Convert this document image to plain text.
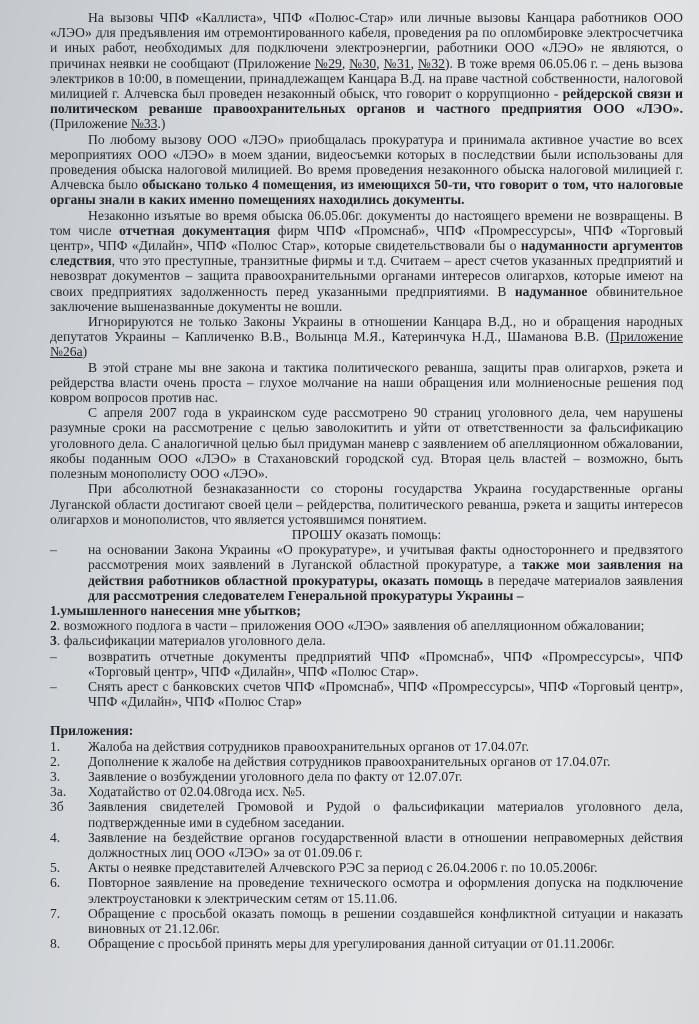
На вызовы ЧПФ «Каллиста», ЧПФ «Полюс-Стар» или личные вызовы Канцара работников ООО «ЛЭО» для предъявления им отремонтированного кабеля, проведения ра по опломбировке электросчетчика и иных работ, необходимых для подключени электроэнергии, работники ООО «ЛЭО» не являются, о причинах неявки не сообщают (Приложение №29, №30, №31, №32). В тоже время 06.05.06 г. – день вызова электриков в 10:00, в помещении, принадлежащем Канцара В.Д. на праве частной собственности, налоговой милицией г. Алчевска был проведен незаконный обыск, что говорит о коррупционно - рейдерской связи и политическом реванше правоохранительных органов и частного предприятия ООО «ЛЭО». (Приложение №33.)

По любому вызову ООО «ЛЭО» приобщалась прокуратура и принимала активное участие во всех мероприятиях ООО «ЛЭО» в моем здании, видеосъемки которых в последствии были использованы для проведения обыска налоговой милицией. Во время проведения незаконного обыска налоговой милицией г. Алчевска было обыскано только 4 помещения, из имеющихся 50-ти, что говорит о том, что налоговые органы знали в каких именно помещениях находились документы.

Незаконно изъятые во время обыска 06.05.06г. документы до настоящего времени не возвращены. В том числе отчетная документация фирм ЧПФ «Промснаб», ЧПФ «Промрессурсы», ЧПФ «Торговый центр», ЧПФ «Дилайн», ЧПФ «Полюс Стар», которые свидетельствовали бы о надуманности аргументов следствия, что это преступные, транзитные фирмы и т.д. Считаем – арест счетов указанных предприятий и невозврат документов – защита правоохранительными органами интересов олигархов, которые имеют на своих предприятиях задолженность перед указанными предприятиями. В надуманное обвинительное заключение вышеназванные документы не вошли.

Игнорируются не только Законы Украины в отношении Канцара В.Д., но и обращения народных депутатов Украины – Капличенко В.В., Волынца М.Я., Катеринчука Н.Д., Шаманова В.В. (Приложение №26а)

В этой стране мы вне закона и тактика политического реванша, защиты прав олигархов, рэкета и рейдерства власти очень проста – глухое молчание на наши обращения или молниеносные решения под ковром вопросов против нас.

С апреля 2007 года в украинском суде рассмотрено 90 страниц уголовного дела, чем нарушены разумные сроки на рассмотрение с целью заволокитить и уйти от ответственности за фальсификацию уголовного дела. С аналогичной целью был придуман маневр с заявлением об апелляционном обжаловании, якобы поданным ООО «ЛЭО» в Стахановский городской суд. Вторая цель властей – возможно, быть полезным монополисту ООО «ЛЭО».

При абсолютной безнаказанности со стороны государства Украина государственные органы Луганской области достигают своей цели – рейдерства, политического реванша, рэкета и защиты интересов олигархов и монополистов, что является устоявшимся понятием.

ПРОШУ оказать помощь:

– на основании Закона Украины «О прокуратуре», и учитывая факты одностороннего и предвзятого рассмотрения моих заявлений в Луганской областной прокуратуре, а также мои заявления на действия работников областной прокуратуры, оказать помощь в передаче материалов заявления для рассмотрения следователем Генеральной прокуратуры Украины –

1.умышленного нанесения мне убытков;

2. возможного подлога в части – приложения ООО «ЛЭО» заявления об апелляционном обжаловании;

3. фальсификации материалов уголовного дела.

– возвратить отчетные документы предприятий ЧПФ «Промснаб», ЧПФ «Промрессурсы», ЧПФ «Торговый центр», ЧПФ «Дилайн», ЧПФ «Полюс Стар».

– Снять арест с банковских счетов ЧПФ «Промснаб», ЧПФ «Промрессурсы», ЧПФ «Торговый центр», ЧПФ «Дилайн», ЧПФ «Полюс Стар»

Приложения:

1. Жалоба на действия сотрудников правоохранительных органов от 17.04.07г.

2. Дополнение к жалобе на действия сотрудников правоохранительных органов от 17.04.07г.

3. Заявление о возбуждении уголовного дела по факту от 12.07.07г.

3а. Ходатайство от 02.04.08года исх. №5.

3б Заявления свидетелей Громовой и Рудой о фальсификации материалов уголовного дела, подтвержденные ими в судебном заседании.

4. Заявление на бездействие органов государственной власти в отношении неправомерных действия должностных лиц ООО «ЛЭО» за от 01.09.06 г.

5. Акты о неявке представителей Алчевского РЭС за период с 26.04.2006 г. по 10.05.2006г.

6. Повторное заявление на проведение технического осмотра и оформления допуска на подключение электроустановки к электрическим сетям от 15.11.06.

7. Обращение с просьбой оказать помощь в решении создавшейся конфликтной ситуации и наказать виновных от 21.12.06г.

8. Обращение с просьбой принять меры для урегулирования данной ситуации от 01.11.2006г.
